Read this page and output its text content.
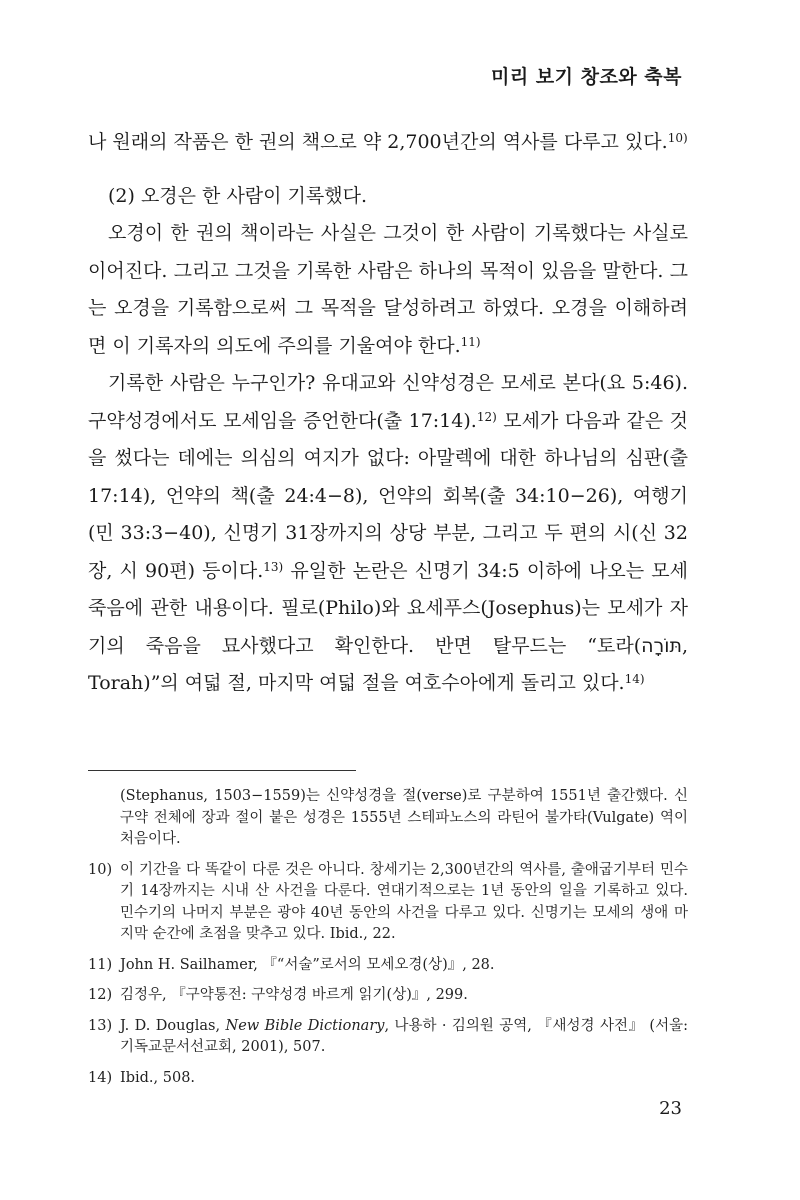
미리 보기 창조와 축복

나 원래의 작품은 한 권의 책으로 약 2,700년간의 역사를 다루고 있다.$^{10)}$

(2) 오경은 한 사람이 기록했다.

오경이 한 권의 책이라는 사실은 그것이 한 사람이 기록했다는 사실로 이어진다. 그리고 그것을 기록한 사람은 하나의 목적이 있음을 말한다. 그는 오경을 기록함으로써 그 목적을 달성하려고 하였다. 오경을 이해하려면 이 기록자의 의도에 주의를 기울여야 한다.$^{11)}$

기록한 사람은 누구인가? 유대교와 신약성경은 모세로 본다(요 5:46). 구약성경에서도 모세임을 증언한다(출 17:14).$^{12)}$ 모세가 다음과 같은 것을 썼다는 데에는 의심의 여지가 없다: 아말렉에 대한 하나님의 심판(출 17:14), 언약의 책(출 24:4−8), 언약의 회복(출 34:10−26), 여행기(민 33:3−40), 신명기 31장까지의 상당 부분, 그리고 두 편의 시(신 32장, 시 90편) 등이다.$^{13)}$ 유일한 논란은 신명기 34:5 이하에 나오는 모세 죽음에 관한 내용이다. 필로(Philo)와 요세푸스(Josephus)는 모세가 자기의 죽음을 묘사했다고 확인한다. 반면 탈무드는 “토라(תּוֹרָה, Torah)”의 여덟 절, 마지막 여덟 절을 여호수아에게 돌리고 있다.$^{14)}$

(Stephanus, 1503−1559)는 신약성경을 절(verse)로 구분하여 1551년 출간했다. 신구약 전체에 장과 절이 붙은 성경은 1555년 스테파노스의 라틴어 불가타(Vulgate) 역이 처음이다.
10) 이 기간을 다 똑같이 다룬 것은 아니다. 창세기는 2,300년간의 역사를, 출애굽기부터 민수기 14장까지는 시내 산 사건을 다룬다. 연대기적으로는 1년 동안의 일을 기록하고 있다. 민수기의 나머지 부분은 광야 40년 동안의 사건을 다루고 있다. 신명기는 모세의 생애 마지막 순간에 초점을 맞추고 있다. Ibid., 22.
11) John H. Sailhamer, 『“서술”로서의 모세오경(상)』, 28.
12) 김정우, 『구약통전: 구약성경 바르게 읽기(상)』, 299.
13) J. D. Douglas, New Bible Dictionary, 나용하 · 김의원 공역, 『새성경 사전』 (서울: 기독교문서선교회, 2001), 507.
14) Ibid., 508.
23
